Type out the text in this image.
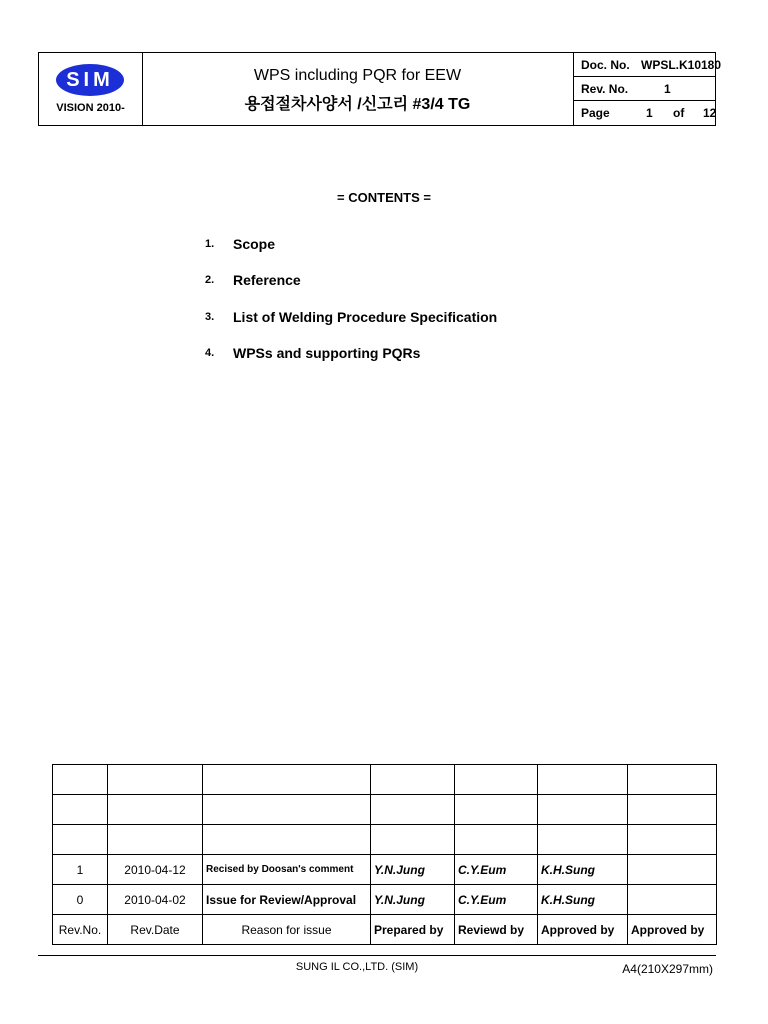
SIM
VISION 2010-
WPS including PQR for EEW
용접절차사양서 /신고리 #3/4 TG
Doc. No. WPSL.K10180
Rev. No.	1
Page	1 of 12
= CONTENTS =
1. Scope
2. Reference
3. List of Welding Procedure Specification
4. WPSs and supporting PQRs

1	2010-04-12	Recised by Doosan's comment	Y.N.Jung	C.Y.Eum	K.H.Sung	
0	2010-04-02	Issue for Review/Approval	Y.N.Jung	C.Y.Eum	K.H.Sung	
Rev.No.	Rev.Date	Reason for issue	Prepared by	Reviewd by	Approved by	Approved by
SUNG IL CO.,LTD. (SIM)	A4(210X297mm)
